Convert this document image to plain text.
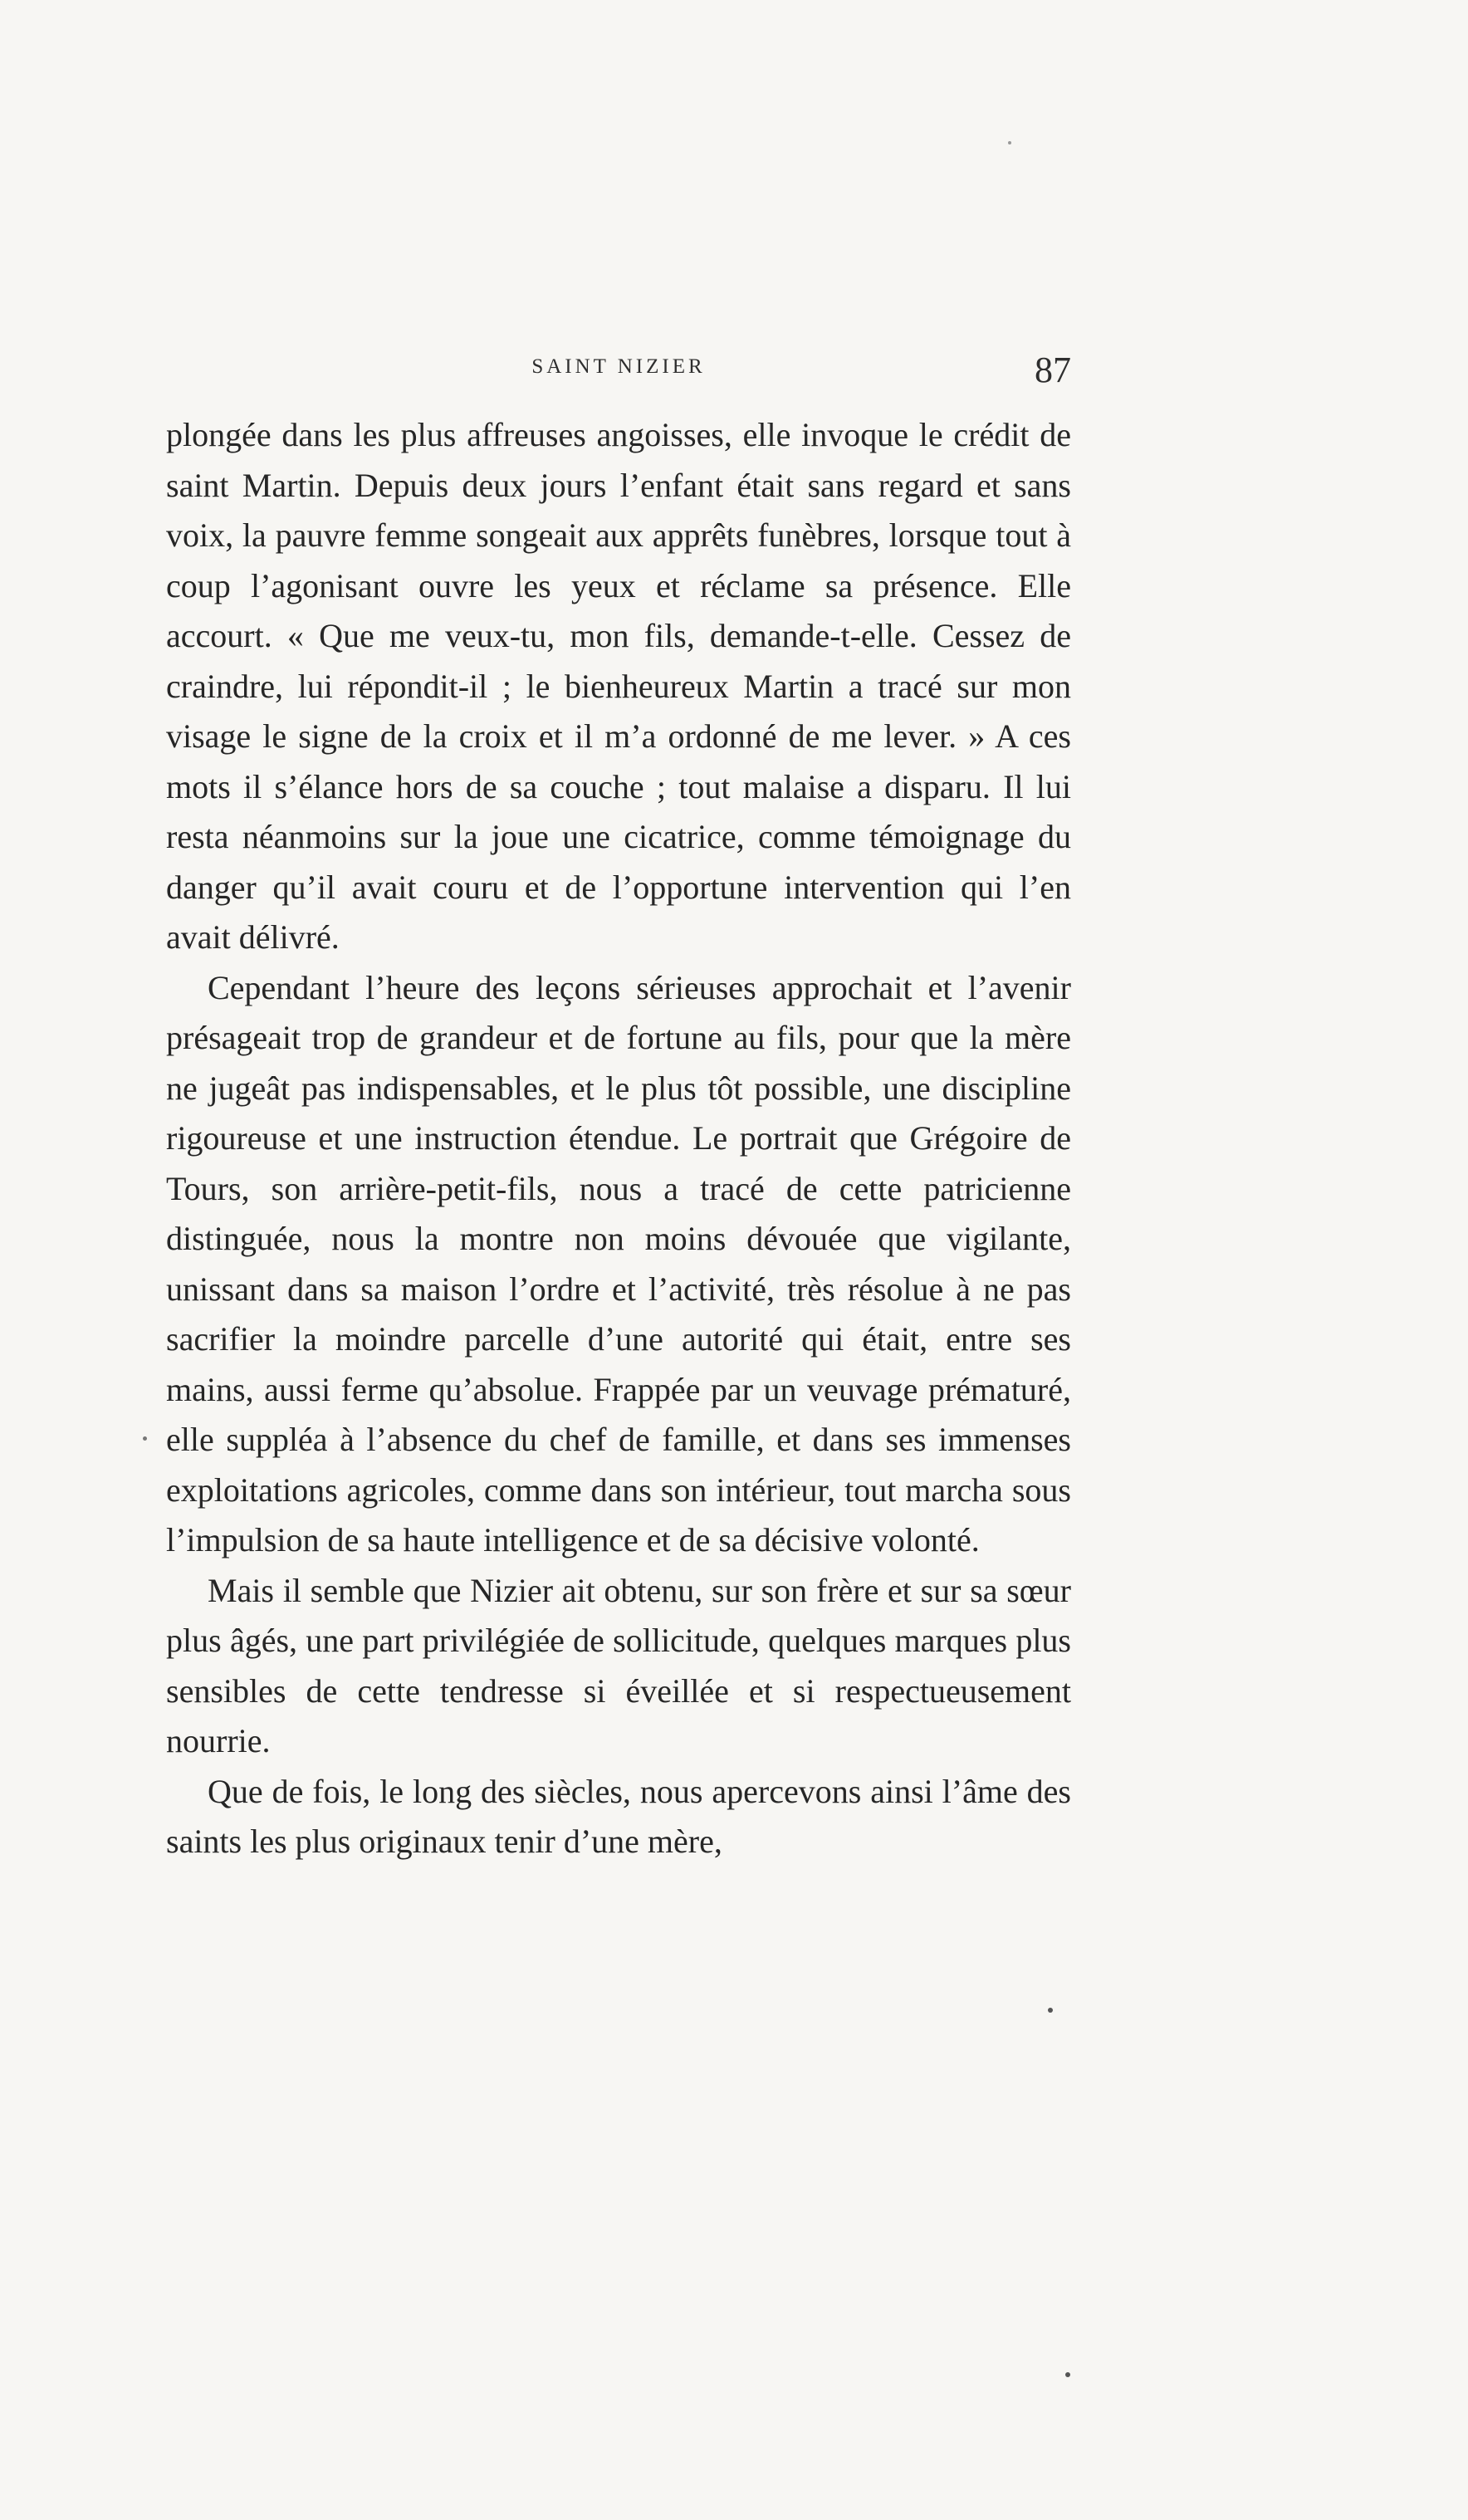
SAINT NIZIER	87

plongée dans les plus affreuses angoisses, elle invoque le crédit de saint Martin. Depuis deux jours l’enfant était sans regard et sans voix, la pauvre femme songeait aux apprêts funèbres, lorsque tout à coup l’agonisant ouvre les yeux et réclame sa présence. Elle accourt. « Que me veux-tu, mon fils, demande-t-elle. Cessez de craindre, lui répondit-il ; le bienheureux Martin a tracé sur mon visage le signe de la croix et il m’a ordonné de me lever. » A ces mots il s’élance hors de sa couche ; tout malaise a disparu. Il lui resta néanmoins sur la joue une cicatrice, comme témoignage du danger qu’il avait couru et de l’opportune intervention qui l’en avait délivré.

Cependant l’heure des leçons sérieuses approchait et l’avenir présageait trop de grandeur et de fortune au fils, pour que la mère ne jugeât pas indispensables, et le plus tôt possible, une discipline rigoureuse et une instruction étendue. Le portrait que Grégoire de Tours, son arrière-petit-fils, nous a tracé de cette patricienne distinguée, nous la montre non moins dévouée que vigilante, unissant dans sa maison l’ordre et l’activité, très résolue à ne pas sacrifier la moindre parcelle d’une autorité qui était, entre ses mains, aussi ferme qu’absolue. Frappée par un veuvage prématuré, elle suppléa à l’absence du chef de famille, et dans ses immenses exploitations agricoles, comme dans son intérieur, tout marcha sous l’impulsion de sa haute intelligence et de sa décisive volonté.

Mais il semble que Nizier ait obtenu, sur son frère et sur sa sœur plus âgés, une part privilégiée de sollicitude, quelques marques plus sensibles de cette tendresse si éveillée et si respectueusement nourrie.

Que de fois, le long des siècles, nous apercevons ainsi l’âme des saints les plus originaux tenir d’une mère,
